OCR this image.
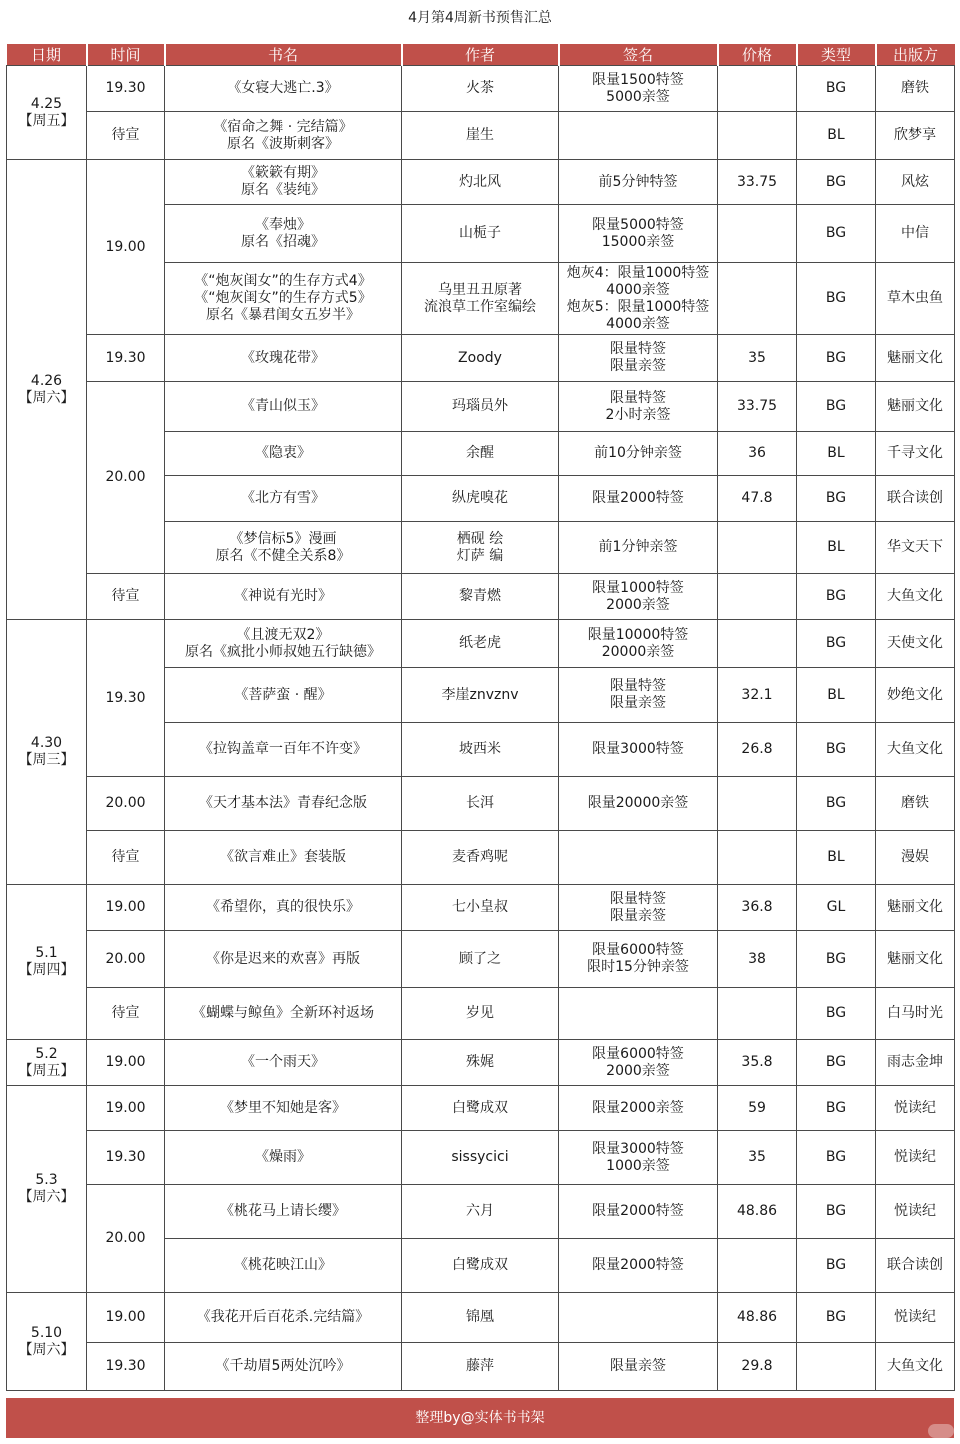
4月第4周新书预售汇总
日期	时间	书名	作者	签名	价格	类型	出版方

4.25
【周五】	19.30	《女寝大逃亡.3》	火茶	限量1500特签
5000亲签		BG	磨铁
	待宣	《宿命之舞 · 完结篇》
原名《波斯刺客》	崖生			BL	欣梦享

4.26
【周六】	19.00	《簌簌有期》
原名《装纯》	灼北风	前5分钟特签	33.75	BG	风炫

		《奉烛》
原名《招魂》	山栀子	限量5000特签
15000亲签		BG	中信

		《“炮灰闺女”的生存方式4》
《“炮灰闺女”的生存方式5》
原名《暴君闺女五岁半》	乌里丑丑原著
流浪草工作室编绘	炮灰4：限量1000特签
4000亲签
炮灰5：限量1000特签
4000亲签		BG	草木虫鱼
	19.30	《玫瑰花带》	Zoody	限量特签
限量亲签	35	BG	魅丽文化
	20.00	《青山似玉》	玛瑙员外	限量特签
2小时亲签	33.75	BG	魅丽文化

		《隐衷》	余醒	前10分钟亲签	36	BL	千寻文化

		《北方有雪》	纵虎嗅花	限量2000特签	47.8	BG	联合读创

		《梦信标5》漫画
原名《不健全关系8》	栖砚 绘
灯萨 编	前1分钟亲签		BL	华文天下
	待宣	《神说有光时》	黎青燃	限量1000特签
2000亲签		BG	大鱼文化

4.30
【周三】	19.30	《且渡无双2》
原名《疯批小师叔她五行缺德》	纸老虎	限量10000特签
20000亲签		BG	天使文化

		《菩萨蛮 · 醒》	李崖znvznv	限量特签
限量亲签	32.1	BL	妙绝文化

		《拉钩盖章一百年不许变》	坡西米	限量3000特签	26.8	BG	大鱼文化
	20.00	《天才基本法》青春纪念版	长洱	限量20000亲签		BG	磨铁
	待宣	《欲言难止》套装版	麦香鸡呢			BL	漫娱

5.1
【周四】	19.00	《希望你，真的很快乐》	七小皇叔	限量特签
限量亲签	36.8	GL	魅丽文化
	20.00	《你是迟来的欢喜》再版	顾了之	限量6000特签
限时15分钟亲签	38	BG	魅丽文化
	待宣	《蝴蝶与鲸鱼》全新环衬返场	岁见			BG	白马时光

5.2
【周五】	19.00	《一个雨天》	殊娓	限量6000特签
2000亲签	35.8	BG	雨志金坤

5.3
【周六】	19.00	《梦里不知她是客》	白鹭成双	限量2000亲签	59	BG	悦读纪
	19.30	《燥雨》	sissycici	限量3000特签
1000亲签	35	BG	悦读纪
	20.00	《桃花马上请长缨》	六月	限量2000特签	48.86	BG	悦读纪

		《桃花映江山》	白鹭成双	限量2000特签		BG	联合读创

5.10
【周六】	19.00	《我花开后百花杀.完结篇》	锦凰		48.86	BG	悦读纪
	19.30	《千劫眉5两处沉吟》	藤萍	限量亲签	29.8		大鱼文化
整理by@实体书书架
